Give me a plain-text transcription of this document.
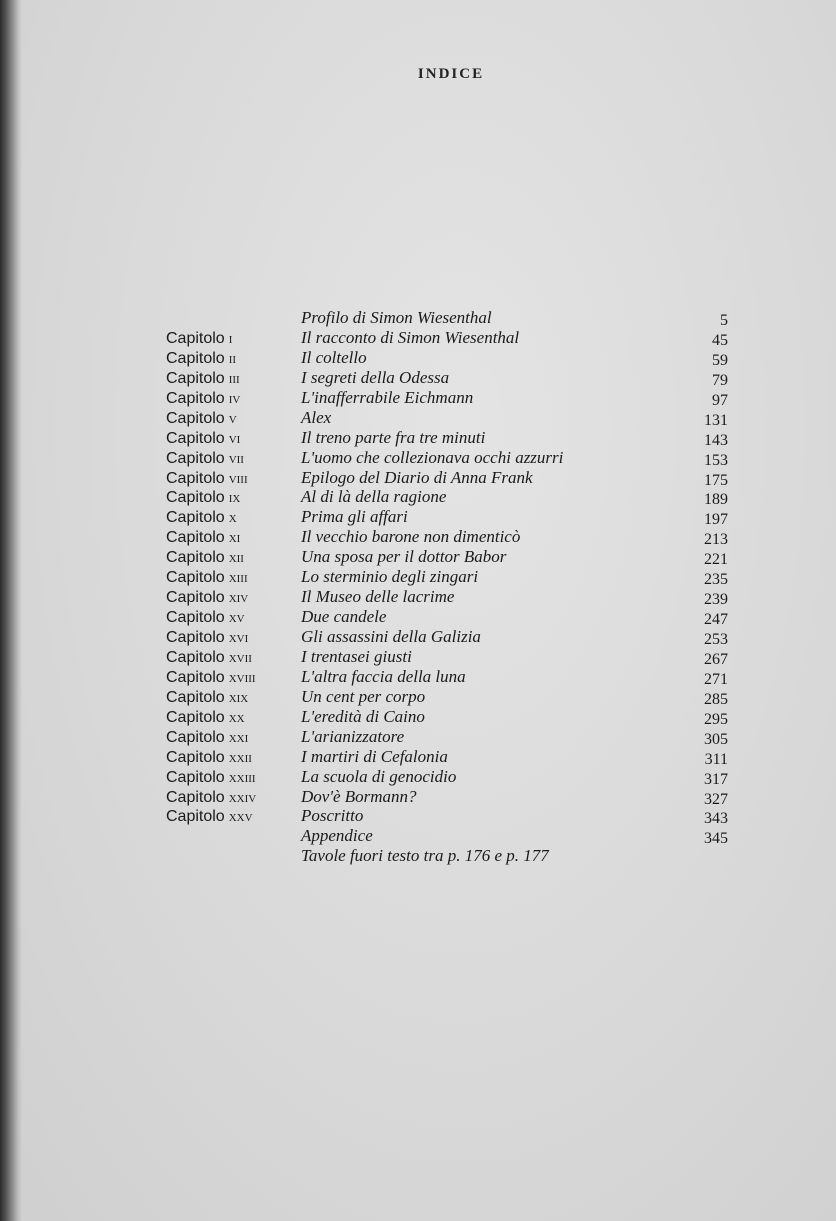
INDICE
Profilo di Simon Wiesenthal	5
Capitolo i	Il racconto di Simon Wiesenthal	45
Capitolo ii	Il coltello	59
Capitolo iii	I segreti della Odessa	79
Capitolo iv	L'inafferrabile Eichmann	97
Capitolo v	Alex	131
Capitolo vi	Il treno parte fra tre minuti	143
Capitolo vii	L'uomo che collezionava occhi azzurri	153
Capitolo viii	Epilogo del Diario di Anna Frank	175
Capitolo ix	Al di là della ragione	189
Capitolo x	Prima gli affari	197
Capitolo xi	Il vecchio barone non dimenticò	213
Capitolo xii	Una sposa per il dottor Babor	221
Capitolo xiii	Lo sterminio degli zingari	235
Capitolo xiv	Il Museo delle lacrime	239
Capitolo xv	Due candele	247
Capitolo xvi	Gli assassini della Galizia	253
Capitolo xvii	I trentasei giusti	267
Capitolo xviii	L'altra faccia della luna	271
Capitolo xix	Un cent per corpo	285
Capitolo xx	L'eredità di Caino	295
Capitolo xxi	L'arianizzatore	305
Capitolo xxii	I martiri di Cefalonia	311
Capitolo xxiii	La scuola di genocidio	317
Capitolo xxiv	Dov'è Bormann?	327
Capitolo xxv	Poscritto	343
Appendice	345
Tavole fuori testo tra p. 176 e p. 177
